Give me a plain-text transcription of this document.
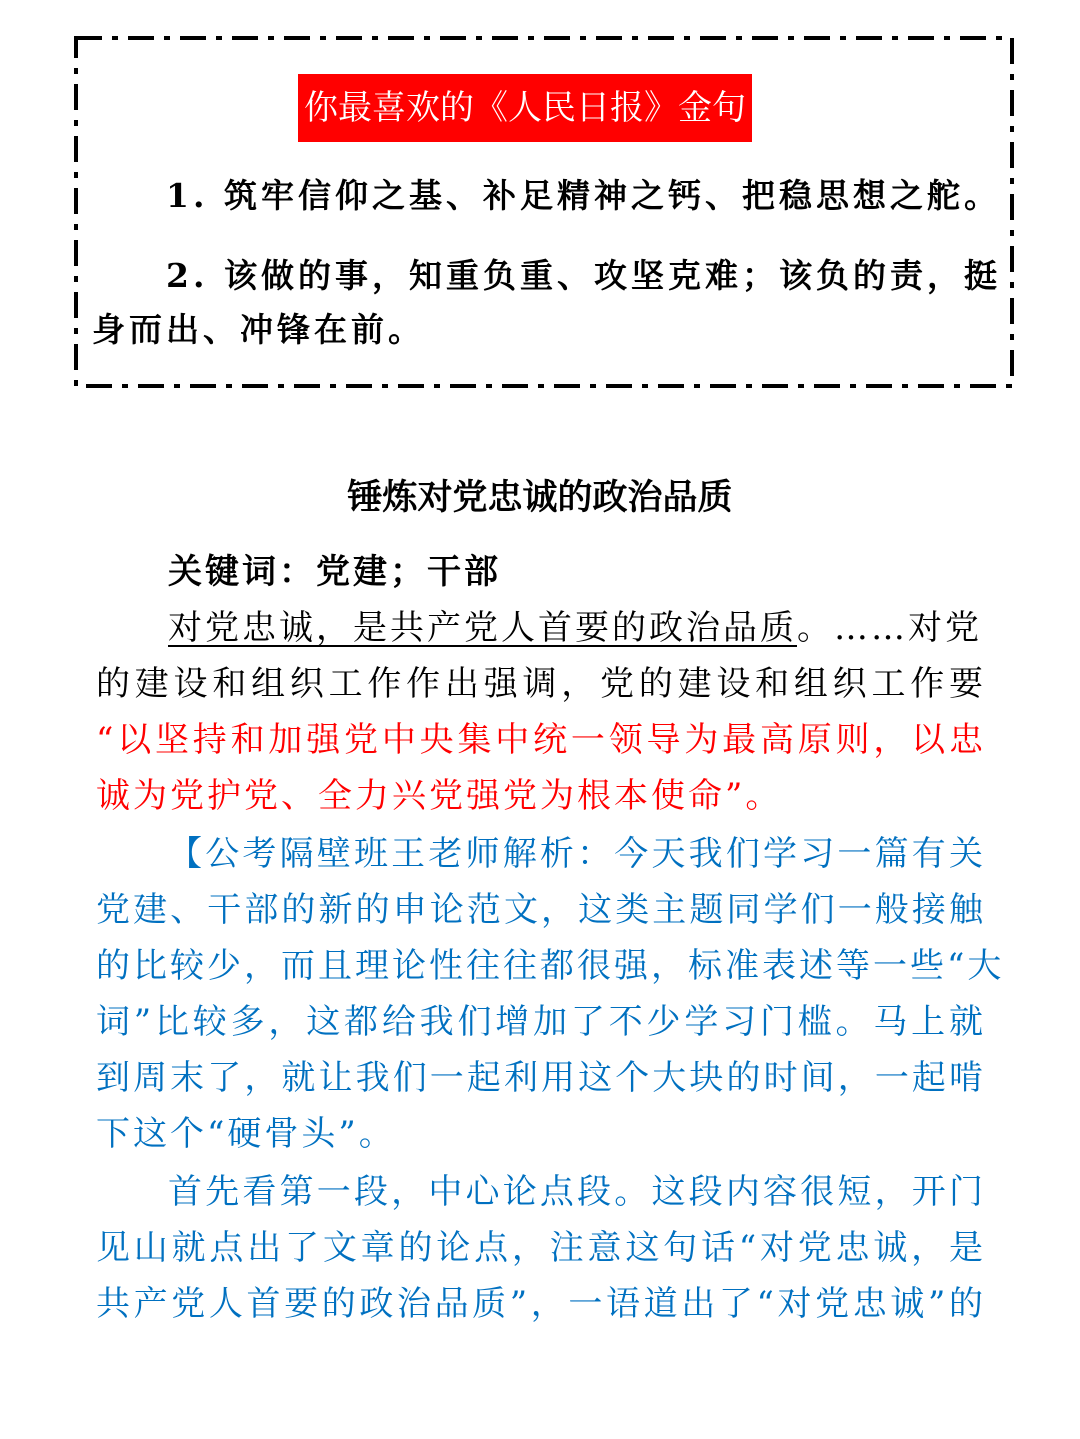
你最喜欢的《人民日报》金句
1. 筑牢信仰之基、补足精神之钙、把稳思想之舵。
2. 该做的事，知重负重、攻坚克难；该负的责，挺
身而出、冲锋在前。
锤炼对党忠诚的政治品质
关键词：党建；干部
对党忠诚，是共产党人首要的政治品质。……对党
的建设和组织工作作出强调，党的建设和组织工作要
“以坚持和加强党中央集中统一领导为最高原则，以忠
诚为党护党、全力兴党强党为根本使命”。
【公考隔壁班王老师解析：今天我们学习一篇有关
党建、干部的新的申论范文，这类主题同学们一般接触
的比较少，而且理论性往往都很强，标准表述等一些“大
词”比较多，这都给我们增加了不少学习门槛。马上就
到周末了，就让我们一起利用这个大块的时间，一起啃
下这个“硬骨头”。
首先看第一段，中心论点段。这段内容很短，开门
见山就点出了文章的论点，注意这句话“对党忠诚，是
共产党人首要的政治品质”，一语道出了“对党忠诚”的
